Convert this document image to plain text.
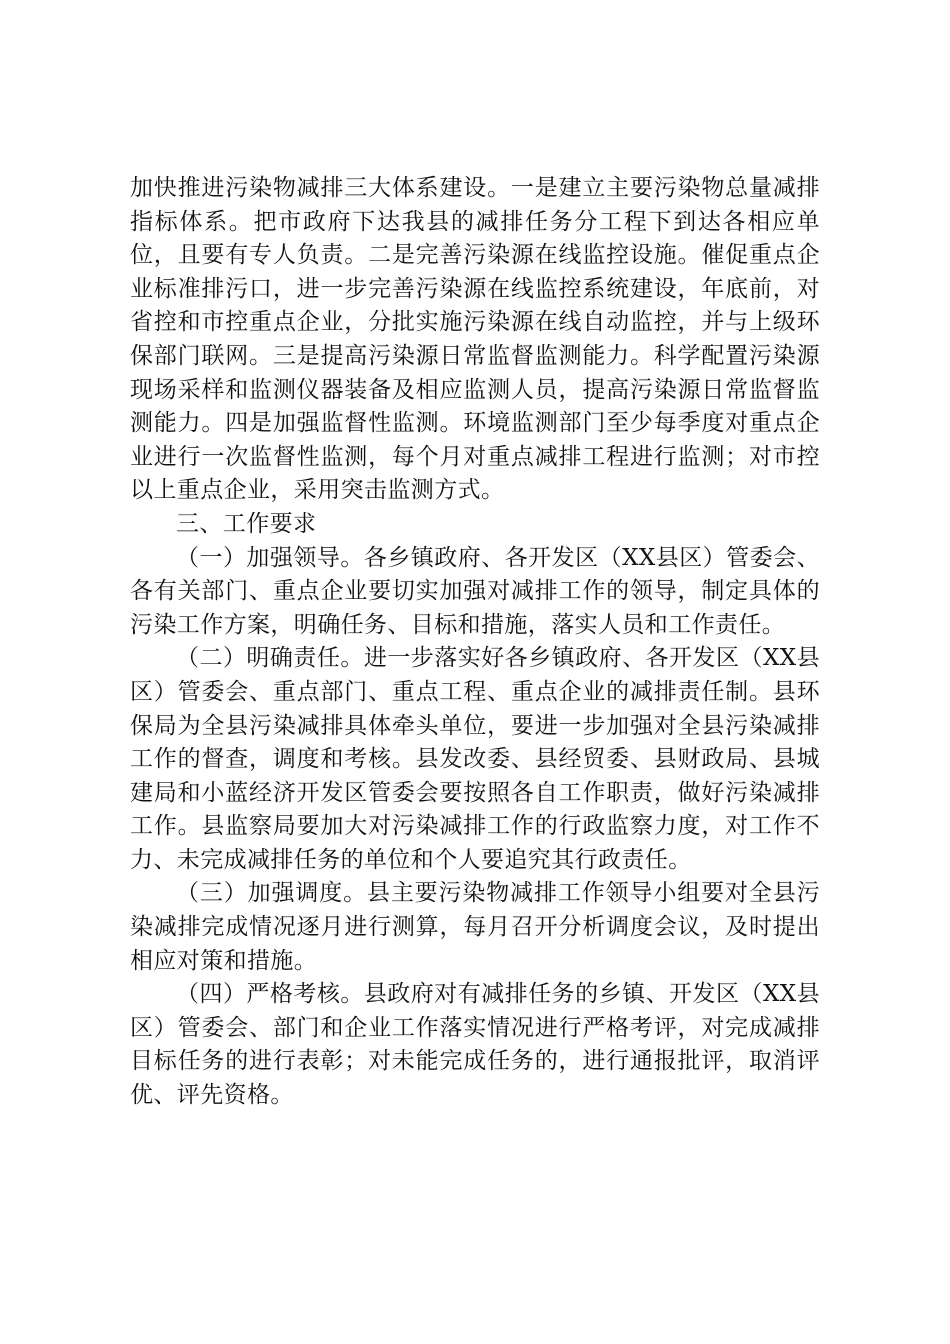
加快推进污染物减排三大体系建设。一是建立主要污染物总量减排指标体系。把市政府下达我县的减排任务分工程下到达各相应单位，且要有专人负责。二是完善污染源在线监控设施。催促重点企业标准排污口，进一步完善污染源在线监控系统建设，年底前，对省控和市控重点企业，分批实施污染源在线自动监控，并与上级环保部门联网。三是提高污染源日常监督监测能力。科学配置污染源现场采样和监测仪器装备及相应监测人员，提高污染源日常监督监测能力。四是加强监督性监测。环境监测部门至少每季度对重点企业进行一次监督性监测，每个月对重点减排工程进行监测；对市控以上重点企业，采用突击监测方式。

三、工作要求

（一）加强领导。各乡镇政府、各开发区（XX县区）管委会、各有关部门、重点企业要切实加强对减排工作的领导，制定具体的污染工作方案，明确任务、目标和措施，落实人员和工作责任。

（二）明确责任。进一步落实好各乡镇政府、各开发区（XX县区）管委会、重点部门、重点工程、重点企业的减排责任制。县环保局为全县污染减排具体牵头单位，要进一步加强对全县污染减排工作的督查，调度和考核。县发改委、县经贸委、县财政局、县城建局和小蓝经济开发区管委会要按照各自工作职责，做好污染减排工作。县监察局要加大对污染减排工作的行政监察力度，对工作不力、未完成减排任务的单位和个人要追究其行政责任。

（三）加强调度。县主要污染物减排工作领导小组要对全县污染减排完成情况逐月进行测算，每月召开分析调度会议，及时提出相应对策和措施。

（四）严格考核。县政府对有减排任务的乡镇、开发区（XX县区）管委会、部门和企业工作落实情况进行严格考评，对完成减排目标任务的进行表彰；对未能完成任务的，进行通报批评，取消评优、评先资格。
